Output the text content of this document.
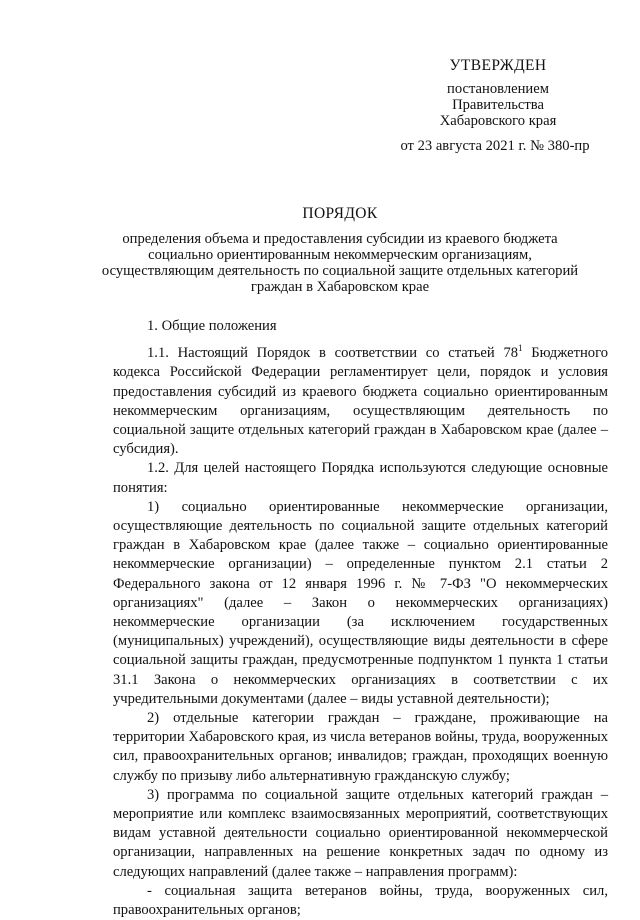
УТВЕРЖДЕН
постановлением
Правительства
Хабаровского края
от 23 августа 2021 г. № 380-пр
ПОРЯДОК
определения объема и предоставления субсидии из краевого бюджета
социально ориентированным некоммерческим организациям,
осуществляющим деятельность по социальной защите отдельных категорий
граждан в Хабаровском крае

1. Общие положения

1.1. Настоящий Порядок в соответствии со статьей $78^1$ Бюджетного кодекса Российской Федерации регламентирует цели, порядок и условия предоставления субсидий из краевого бюджета социально ориентированным некоммерческим организациям, осуществляющим деятельность по социальной защите отдельных категорий граждан в Хабаровском крае (далее – субсидия).

1.2. Для целей настоящего Порядка используются следующие основные понятия:

1) социально ориентированные некоммерческие организации, осуществляющие деятельность по социальной защите отдельных категорий граждан в Хабаровском крае (далее также – социально ориентированные некоммерческие организации) – определенные пунктом 2.1 статьи 2 Федерального закона от 12 января 1996 г. № 7-ФЗ "О некоммерческих организациях" (далее – Закон о некоммерческих организациях) некоммерческие организации (за исключением государственных (муниципальных) учреждений), осуществляющие виды деятельности в сфере социальной защиты граждан, предусмотренные подпунктом 1 пункта 1 статьи 31.1 Закона о некоммерческих организациях в соответствии с их учредительными документами (далее – виды уставной деятельности);

2) отдельные категории граждан – граждане, проживающие на территории Хабаровского края, из числа ветеранов войны, труда, вооруженных сил, правоохранительных органов; инвалидов; граждан, проходящих военную службу по призыву либо альтернативную гражданскую службу;

3) программа по социальной защите отдельных категорий граждан – мероприятие или комплекс взаимосвязанных мероприятий, соответствующих видам уставной деятельности социально ориентированной некоммерческой организации, направленных на решение конкретных задач по одному из следующих направлений (далее также – направления программ):

- социальная защита ветеранов войны, труда, вооруженных сил, правоохранительных органов;
